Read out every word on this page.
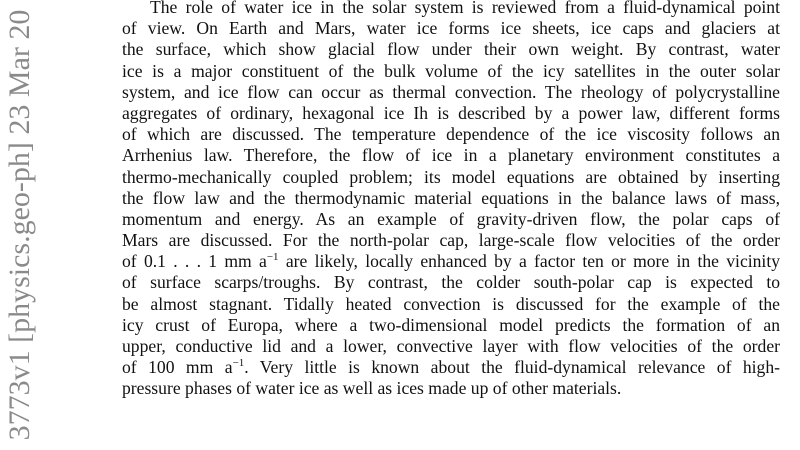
3773v1 [physics.geo-ph] 23 Mar 20
The role of water ice in the solar system is reviewed from a fluid-dynamical point
of view. On Earth and Mars, water ice forms ice sheets, ice caps and glaciers at
the surface, which show glacial flow under their own weight. By contrast, water
ice is a major constituent of the bulk volume of the icy satellites in the outer solar
system, and ice flow can occur as thermal convection. The rheology of polycrystalline
aggregates of ordinary, hexagonal ice Ih is described by a power law, different forms
of which are discussed. The temperature dependence of the ice viscosity follows an
Arrhenius law. Therefore, the flow of ice in a planetary environment constitutes a
thermo-mechanically coupled problem; its model equations are obtained by inserting
the flow law and the thermodynamic material equations in the balance laws of mass,
momentum and energy. As an example of gravity-driven flow, the polar caps of
Mars are discussed. For the north-polar cap, large-scale flow velocities of the order
of 0.1 . . . 1 mm $a^{-1}$ are likely, locally enhanced by a factor ten or more in the vicinity
of surface scarps/troughs. By contrast, the colder south-polar cap is expected to
be almost stagnant. Tidally heated convection is discussed for the example of the
icy crust of Europa, where a two-dimensional model predicts the formation of an
upper, conductive lid and a lower, convective layer with flow velocities of the order
of 100 mm $a^{-1}$. Very little is known about the fluid-dynamical relevance of high-
pressure phases of water ice as well as ices made up of other materials.
